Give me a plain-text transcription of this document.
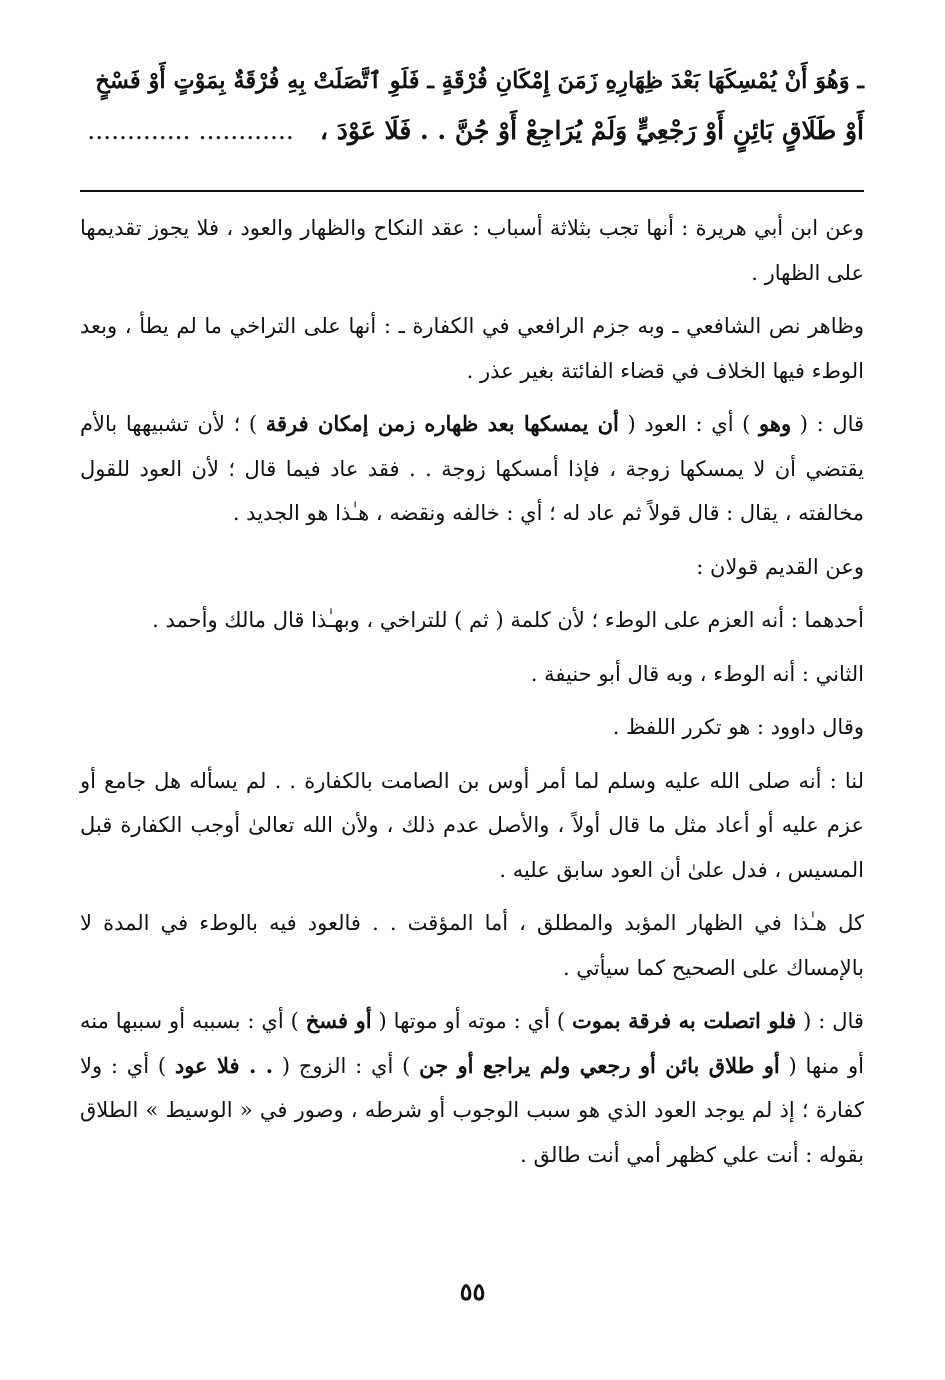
ـ وَهُوَ أَنْ يُمْسِكَهَا بَعْدَ ظِهَارِهِ زَمَنَ إِمْكَانِ فُرْقَةٍ ـ فَلَوِ ٱتَّصَلَتْ بِهِ فُرْقَةٌ بِمَوْتٍ أَوْ فَسْخٍ
أَوْ طَلَاقٍ بَائِنٍ أَوْ رَجْعِيٍّ وَلَمْ يُرَاجِعْ أَوْ جُنَّ . . فَلَا عَوْدَ ،   ............ .............

وعن ابن أبي هريرة : أنها تجب بثلاثة أسباب : عقد النكاح والظهار والعود ، فلا يجوز تقديمها على الظهار .

وظاهر نص الشافعي ـ وبه جزم الرافعي في الكفارة ـ : أنها على التراخي ما لم يطأ ، وبعد الوطء فيها الخلاف في قضاء الفائتة بغير عذر .

قال : ( وهو ) أي : العود ( أن يمسكها بعد ظهاره زمن إمكان فرقة ) ؛ لأن تشبيهها بالأم يقتضي أن لا يمسكها زوجة ، فإذا أمسكها زوجة . . فقد عاد فيما قال ؛ لأن العود للقول مخالفته ، يقال : قال قولاً ثم عاد له ؛ أي : خالفه ونقضه ، هـٰذا هو الجديد .

وعن القديم قولان :

أحدهما : أنه العزم على الوطء ؛ لأن كلمة ( ثم ) للتراخي ، وبهـٰذا قال مالك وأحمد .

الثاني : أنه الوطء ، وبه قال أبو حنيفة .

وقال داوود : هو تكرر اللفظ .

لنا : أنه صلى الله عليه وسلم لما أمر أوس بن الصامت بالكفارة . . لم يسأله هل جامع أو عزم عليه أو أعاد مثل ما قال أولاً ، والأصل عدم ذلك ، ولأن الله تعالىٰ أوجب الكفارة قبل المسيس ، فدل علىٰ أن العود سابق عليه .

كل هـٰذا في الظهار المؤبد والمطلق ، أما المؤقت . . فالعود فيه بالوطء في المدة لا بالإمساك على الصحيح كما سيأتي .

قال : ( فلو اتصلت به فرقة بموت ) أي : موته أو موتها ( أو فسخ ) أي : بسببه أو سببها منه أو منها ( أو طلاق بائن أو رجعي ولم يراجع أو جن ) أي : الزوج ( . . فلا عود ) أي : ولا كفارة ؛ إذ لم يوجد العود الذي هو سبب الوجوب أو شرطه ، وصور في « الوسيط » الطلاق بقوله : أنت علي كظهر أمي أنت طالق .

٥٥
